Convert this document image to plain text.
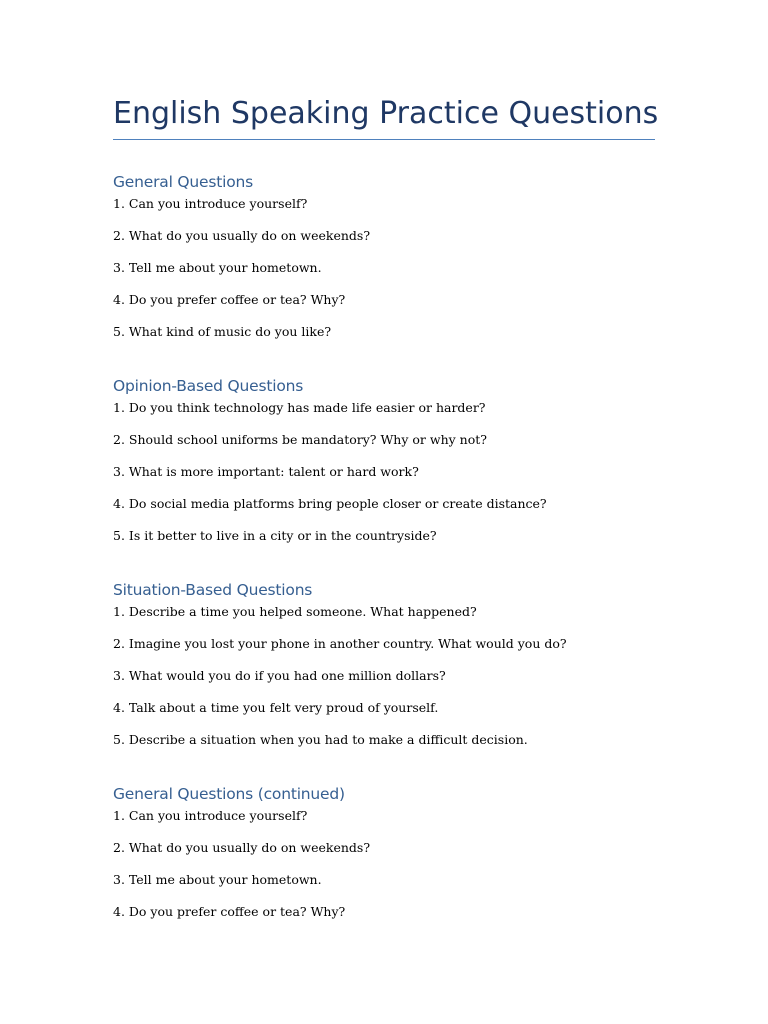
English Speaking Practice Questions
General Questions
1. Can you introduce yourself?
2. What do you usually do on weekends?
3. Tell me about your hometown.
4. Do you prefer coffee or tea? Why?
5. What kind of music do you like?
Opinion-Based Questions
1. Do you think technology has made life easier or harder?
2. Should school uniforms be mandatory? Why or why not?
3. What is more important: talent or hard work?
4. Do social media platforms bring people closer or create distance?
5. Is it better to live in a city or in the countryside?
Situation-Based Questions
1. Describe a time you helped someone. What happened?
2. Imagine you lost your phone in another country. What would you do?
3. What would you do if you had one million dollars?
4. Talk about a time you felt very proud of yourself.
5. Describe a situation when you had to make a difficult decision.
General Questions (continued)
1. Can you introduce yourself?
2. What do you usually do on weekends?
3. Tell me about your hometown.
4. Do you prefer coffee or tea? Why?
